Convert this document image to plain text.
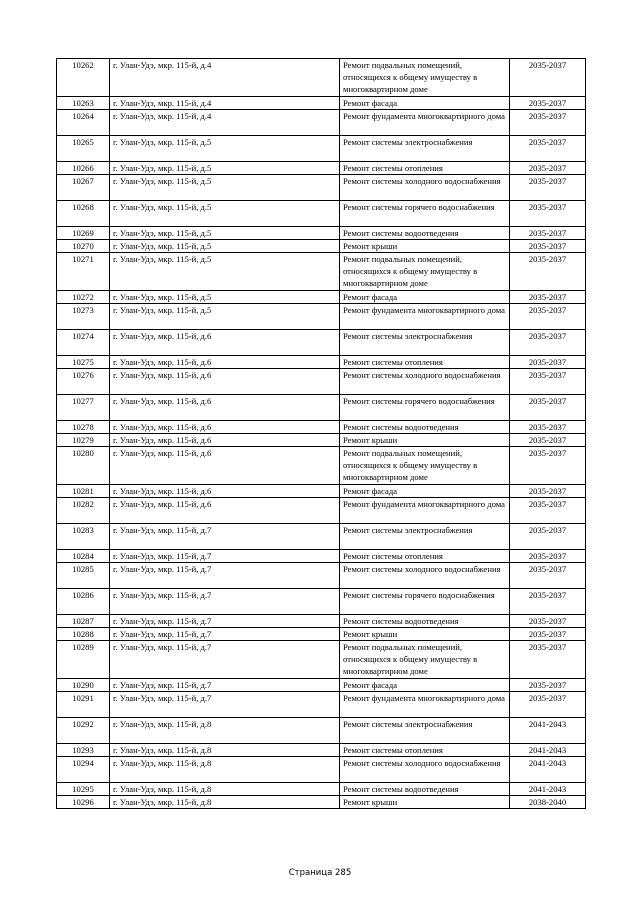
10262	г. Улан-Удэ, мкр. 115-й, д.4	Ремонт подвальных помещений, относящихся к общему имуществу в многоквартирном доме	2035-2037
10263	г. Улан-Удэ, мкр. 115-й, д.4	Ремонт фасада	2035-2037
10264	г. Улан-Удэ, мкр. 115-й, д.4	Ремонт фундамента многоквартирного дома	2035-2037
10265	г. Улан-Удэ, мкр. 115-й, д.5	Ремонт системы электроснабжения	2035-2037
10266	г. Улан-Удэ, мкр. 115-й, д.5	Ремонт системы отопления	2035-2037
10267	г. Улан-Удэ, мкр. 115-й, д.5	Ремонт системы холодного водоснабжения	2035-2037
10268	г. Улан-Удэ, мкр. 115-й, д.5	Ремонт системы горячего водоснабжения	2035-2037
10269	г. Улан-Удэ, мкр. 115-й, д.5	Ремонт системы водоотведения	2035-2037
10270	г. Улан-Удэ, мкр. 115-й, д.5	Ремонт крыши	2035-2037
10271	г. Улан-Удэ, мкр. 115-й, д.5	Ремонт подвальных помещений, относящихся к общему имуществу в многоквартирном доме	2035-2037
10272	г. Улан-Удэ, мкр. 115-й, д.5	Ремонт фасада	2035-2037
10273	г. Улан-Удэ, мкр. 115-й, д.5	Ремонт фундамента многоквартирного дома	2035-2037
10274	г. Улан-Удэ, мкр. 115-й, д.6	Ремонт системы электроснабжения	2035-2037
10275	г. Улан-Удэ, мкр. 115-й, д.6	Ремонт системы отопления	2035-2037
10276	г. Улан-Удэ, мкр. 115-й, д.6	Ремонт системы холодного водоснабжения	2035-2037
10277	г. Улан-Удэ, мкр. 115-й, д.6	Ремонт системы горячего водоснабжения	2035-2037
10278	г. Улан-Удэ, мкр. 115-й, д.6	Ремонт системы водоотведения	2035-2037
10279	г. Улан-Удэ, мкр. 115-й, д.6	Ремонт крыши	2035-2037
10280	г. Улан-Удэ, мкр. 115-й, д.6	Ремонт подвальных помещений, относящихся к общему имуществу в многоквартирном доме	2035-2037
10281	г. Улан-Удэ, мкр. 115-й, д.6	Ремонт фасада	2035-2037
10282	г. Улан-Удэ, мкр. 115-й, д.6	Ремонт фундамента многоквартирного дома	2035-2037
10283	г. Улан-Удэ, мкр. 115-й, д.7	Ремонт системы электроснабжения	2035-2037
10284	г. Улан-Удэ, мкр. 115-й, д.7	Ремонт системы отопления	2035-2037
10285	г. Улан-Удэ, мкр. 115-й, д.7	Ремонт системы холодного водоснабжения	2035-2037
10286	г. Улан-Удэ, мкр. 115-й, д.7	Ремонт системы горячего водоснабжения	2035-2037
10287	г. Улан-Удэ, мкр. 115-й, д.7	Ремонт системы водоотведения	2035-2037
10288	г. Улан-Удэ, мкр. 115-й, д.7	Ремонт крыши	2035-2037
10289	г. Улан-Удэ, мкр. 115-й, д.7	Ремонт подвальных помещений, относящихся к общему имуществу в многоквартирном доме	2035-2037
10290	г. Улан-Удэ, мкр. 115-й, д.7	Ремонт фасада	2035-2037
10291	г. Улан-Удэ, мкр. 115-й, д.7	Ремонт фундамента многоквартирного дома	2035-2037
10292	г. Улан-Удэ, мкр. 115-й, д.8	Ремонт системы электроснабжения	2041-2043
10293	г. Улан-Удэ, мкр. 115-й, д.8	Ремонт системы отопления	2041-2043
10294	г. Улан-Удэ, мкр. 115-й, д.8	Ремонт системы холодного водоснабжения	2041-2043
10295	г. Улан-Удэ, мкр. 115-й, д.8	Ремонт системы водоотведения	2041-2043
10296	г. Улан-Удэ, мкр. 115-й, д.8	Ремонт крыши	2038-2040
Страница 285
